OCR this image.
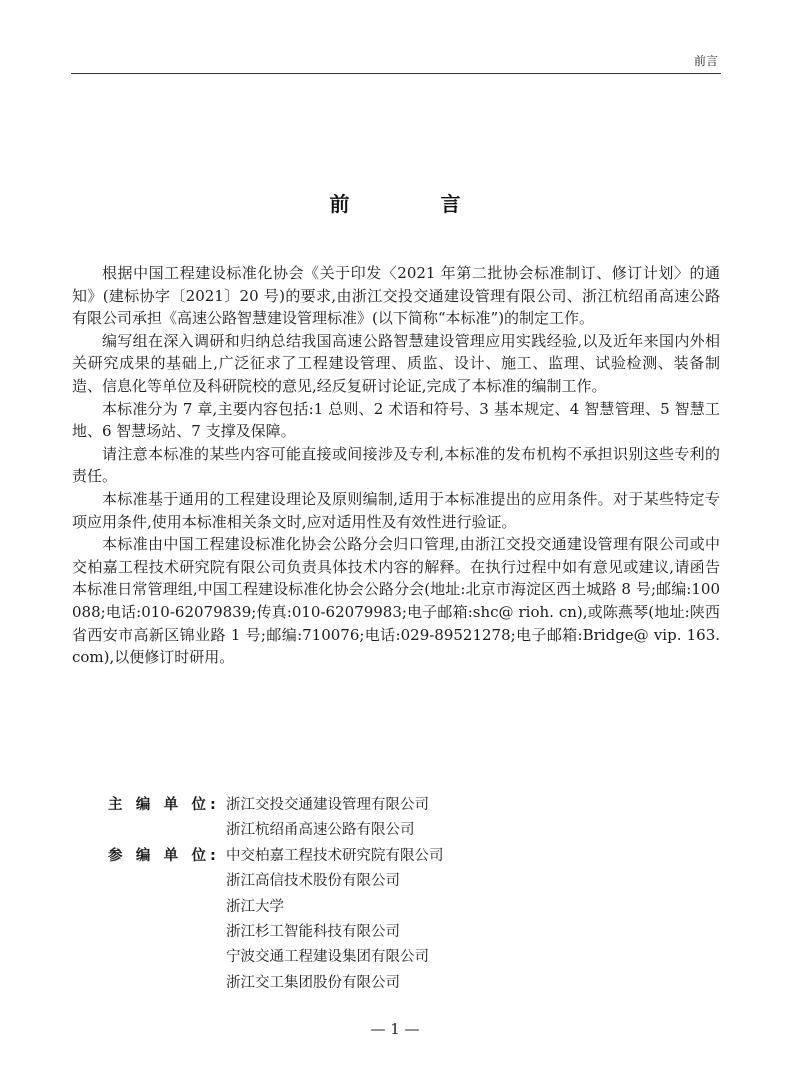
前言
前 言

根据中国工程建设标准化协会《关于印发〈2021 年第二批协会标准制订、修订计划〉的通知》(建标协字〔2021〕20 号)的要求,由浙江交投交通建设管理有限公司、浙江杭绍甬高速公路有限公司承担《高速公路智慧建设管理标准》(以下简称“本标准”)的制定工作。

编写组在深入调研和归纳总结我国高速公路智慧建设管理应用实践经验,以及近年来国内外相关研究成果的基础上,广泛征求了工程建设管理、质监、设计、施工、监理、试验检测、装备制造、信息化等单位及科研院校的意见,经反复研讨论证,完成了本标准的编制工作。

本标准分为 7 章,主要内容包括:1 总则、2 术语和符号、3 基本规定、4 智慧管理、5 智慧工地、6 智慧场站、7 支撑及保障。

请注意本标准的某些内容可能直接或间接涉及专利,本标准的发布机构不承担识别这些专利的责任。

本标准基于通用的工程建设理论及原则编制,适用于本标准提出的应用条件。对于某些特定专项应用条件,使用本标准相关条文时,应对适用性及有效性进行验证。

本标准由中国工程建设标准化协会公路分会归口管理,由浙江交投交通建设管理有限公司或中交柏嘉工程技术研究院有限公司负责具体技术内容的解释。在执行过程中如有意见或建议,请函告本标准日常管理组,中国工程建设标准化协会公路分会(地址:北京市海淀区西土城路 8 号;邮编:100088;电话:010-62079839;传真:010-62079983;电子邮箱:shc@ rioh. cn),或陈燕琴(地址:陕西省西安市高新区锦业路 1 号;邮编:710076;电话:029-89521278;电子邮箱:Bridge@ vip. 163. com),以便修订时研用。

主 编 单 位 : 浙江交投交通建设管理有限公司
浙江杭绍甬高速公路有限公司
参 编 单 位 : 中交柏嘉工程技术研究院有限公司
浙江高信技术股份有限公司
浙江大学
浙江杉工智能科技有限公司
宁波交通工程建设集团有限公司
浙江交工集团股份有限公司
— 1 —
